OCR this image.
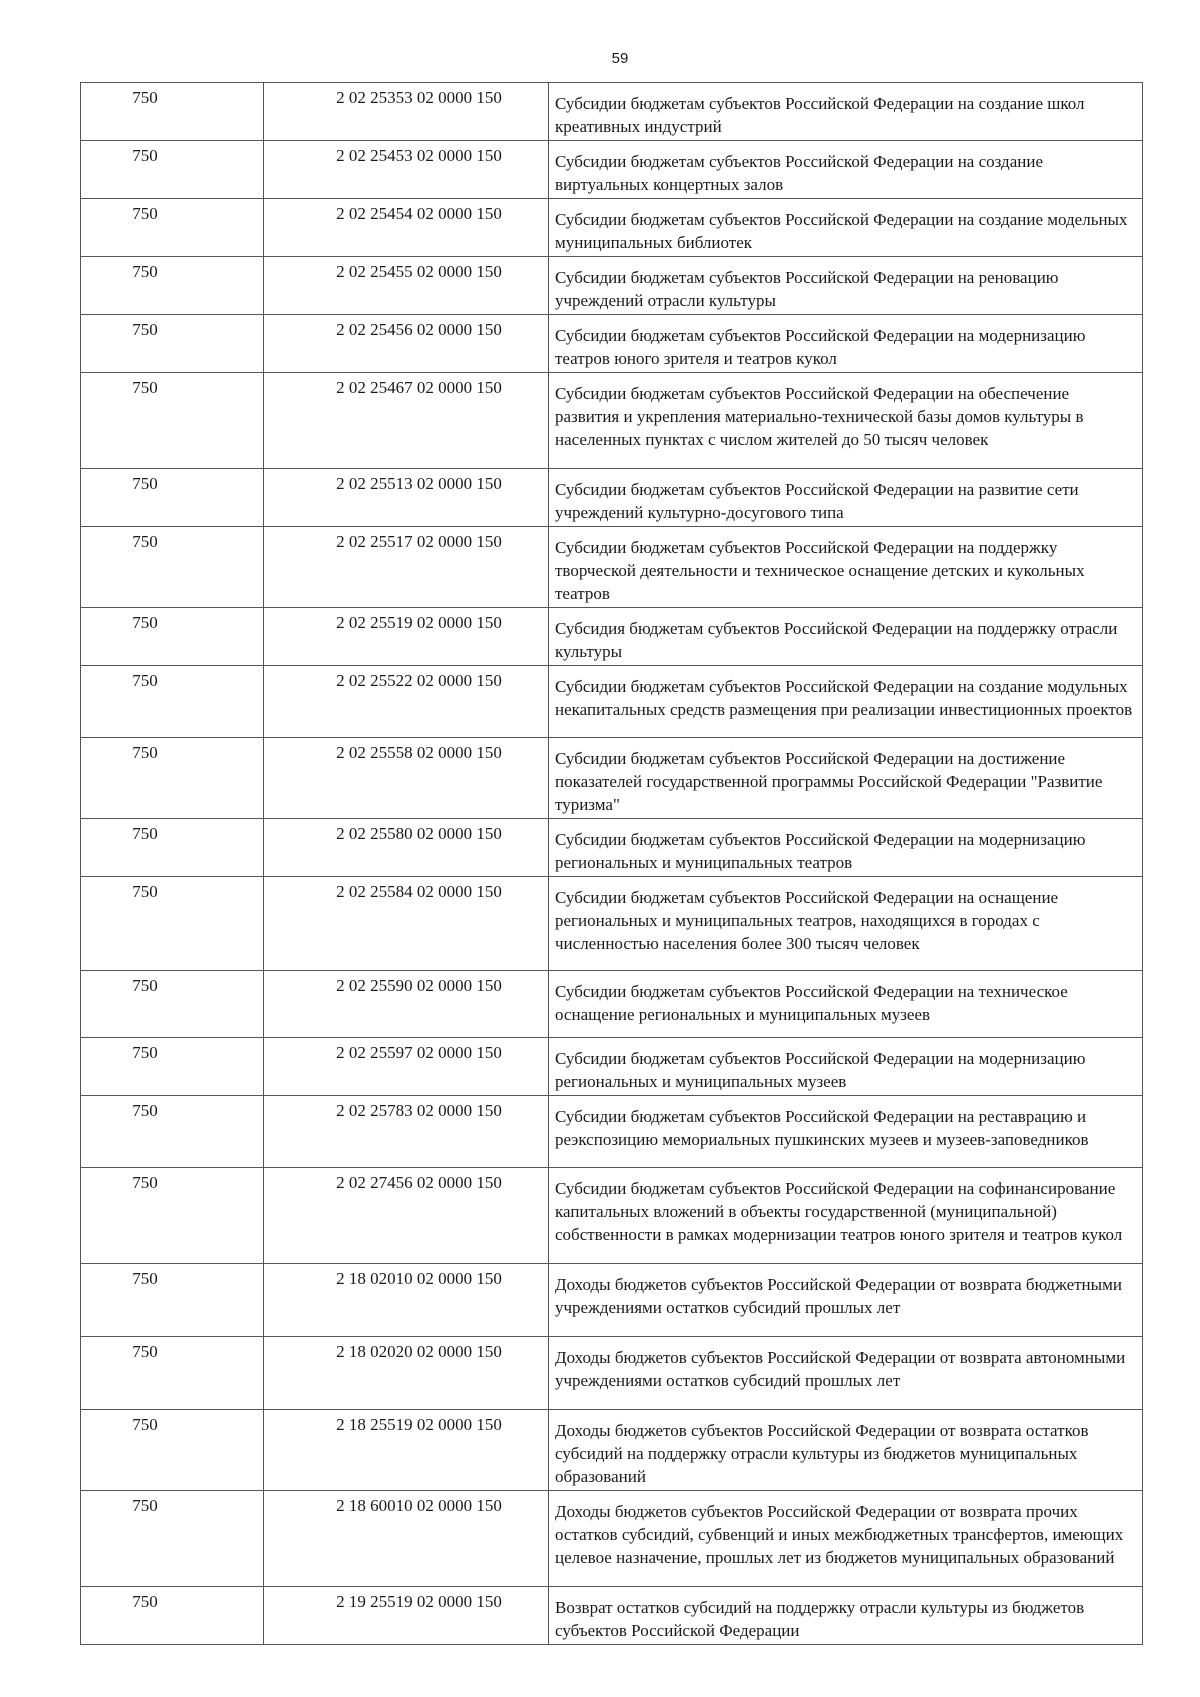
59
750	2 02 25353 02 0000 150	Субсидии бюджетам субъектов Российской Федерации на создание школ креативных индустрий
750	2 02 25453 02 0000 150	Субсидии бюджетам субъектов Российской Федерации на создание виртуальных концертных залов
750	2 02 25454 02 0000 150	Субсидии бюджетам субъектов Российской Федерации на создание модельных муниципальных библиотек
750	2 02 25455 02 0000 150	Субсидии бюджетам субъектов Российской Федерации на реновацию учреждений отрасли культуры
750	2 02 25456 02 0000 150	Субсидии бюджетам субъектов Российской Федерации на модернизацию театров юного зрителя и театров кукол
750	2 02 25467 02 0000 150	Субсидии бюджетам субъектов Российской Федерации на обеспечение развития и укрепления материально-технической базы домов культуры в населенных пунктах с числом жителей до 50 тысяч человек
750	2 02 25513 02 0000 150	Субсидии бюджетам субъектов Российской Федерации на развитие сети учреждений культурно-досугового типа
750	2 02 25517 02 0000 150	Субсидии бюджетам субъектов Российской Федерации на поддержку творческой деятельности и техническое оснащение детских и кукольных театров
750	2 02 25519 02 0000 150	Субсидия бюджетам субъектов Российской Федерации на поддержку отрасли культуры
750	2 02 25522 02 0000 150	Субсидии бюджетам субъектов Российской Федерации на создание модульных некапитальных средств размещения при реализации инвестиционных проектов
750	2 02 25558 02 0000 150	Субсидии бюджетам субъектов Российской Федерации на достижение показателей государственной программы Российской Федерации "Развитие туризма"
750	2 02 25580 02 0000 150	Субсидии бюджетам субъектов Российской Федерации на модернизацию региональных и муниципальных театров
750	2 02 25584 02 0000 150	Субсидии бюджетам субъектов Российской Федерации на оснащение региональных и муниципальных театров, находящихся в городах с численностью населения более 300 тысяч человек
750	2 02 25590 02 0000 150	Субсидии бюджетам субъектов Российской Федерации на техническое оснащение региональных и муниципальных музеев
750	2 02 25597 02 0000 150	Субсидии бюджетам субъектов Российской Федерации на модернизацию региональных и муниципальных музеев
750	2 02 25783 02 0000 150	Субсидии бюджетам субъектов Российской Федерации на реставрацию и реэкспозицию мемориальных пушкинских музеев и музеев-заповедников
750	2 02 27456 02 0000 150	Субсидии бюджетам субъектов Российской Федерации на софинансирование капитальных вложений в объекты государственной (муниципальной) собственности в рамках модернизации театров юного зрителя и театров кукол
750	2 18 02010 02 0000 150	Доходы бюджетов субъектов Российской Федерации от возврата бюджетными учреждениями остатков субсидий прошлых лет
750	2 18 02020 02 0000 150	Доходы бюджетов субъектов Российской Федерации от возврата автономными учреждениями остатков субсидий прошлых лет
750	2 18 25519 02 0000 150	Доходы бюджетов субъектов Российской Федерации от возврата остатков субсидий на поддержку отрасли культуры из бюджетов муниципальных образований
750	2 18 60010 02 0000 150	Доходы бюджетов субъектов Российской Федерации от возврата прочих остатков субсидий, субвенций и иных межбюджетных трансфертов, имеющих целевое назначение, прошлых лет из бюджетов муниципальных образований
750	2 19 25519 02 0000 150	Возврат остатков субсидий на поддержку отрасли культуры из бюджетов субъектов Российской Федерации
